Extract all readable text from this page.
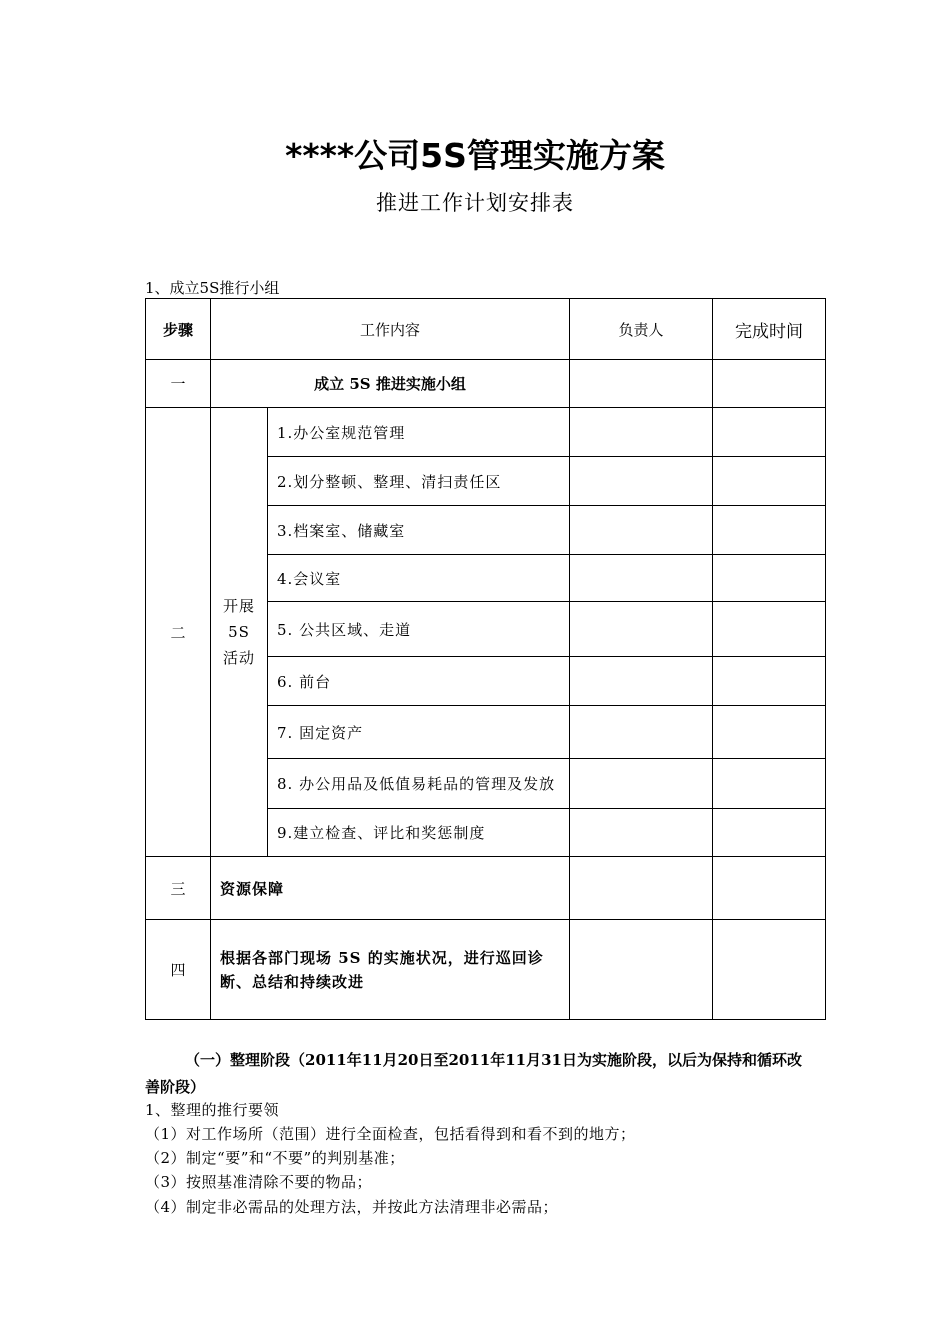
****公司5S管理实施方案
推进工作计划安排表
1、成立5S推行小组
步骤	工作内容		负责人	完成时间
一	成立 5S 推进实施小组			
二	开展 5S 活动	1.办公室规范管理		
		2.划分整顿、整理、清扫责任区		
		3.档案室、储藏室		
		4.会议室		
		5. 公共区域、走道		
		6. 前台		
		7. 固定资产		
		8. 办公用品及低值易耗品的管理及发放		
		9.建立检查、评比和奖惩制度		
三	资源保障			
四	根据各部门现场 5S 的实施状况，进行巡回诊断、总结和持续改进			
（一）整理阶段（2011年11月20日至2011年11月31日为实施阶段，以后为保持和循环改善阶段）
1、整理的推行要领
（1）对工作场所（范围）进行全面检查，包括看得到和看不到的地方；
（2）制定“要”和“不要”的判别基准；
（3）按照基准清除不要的物品；
（4）制定非必需品的处理方法，并按此方法清理非必需品；
